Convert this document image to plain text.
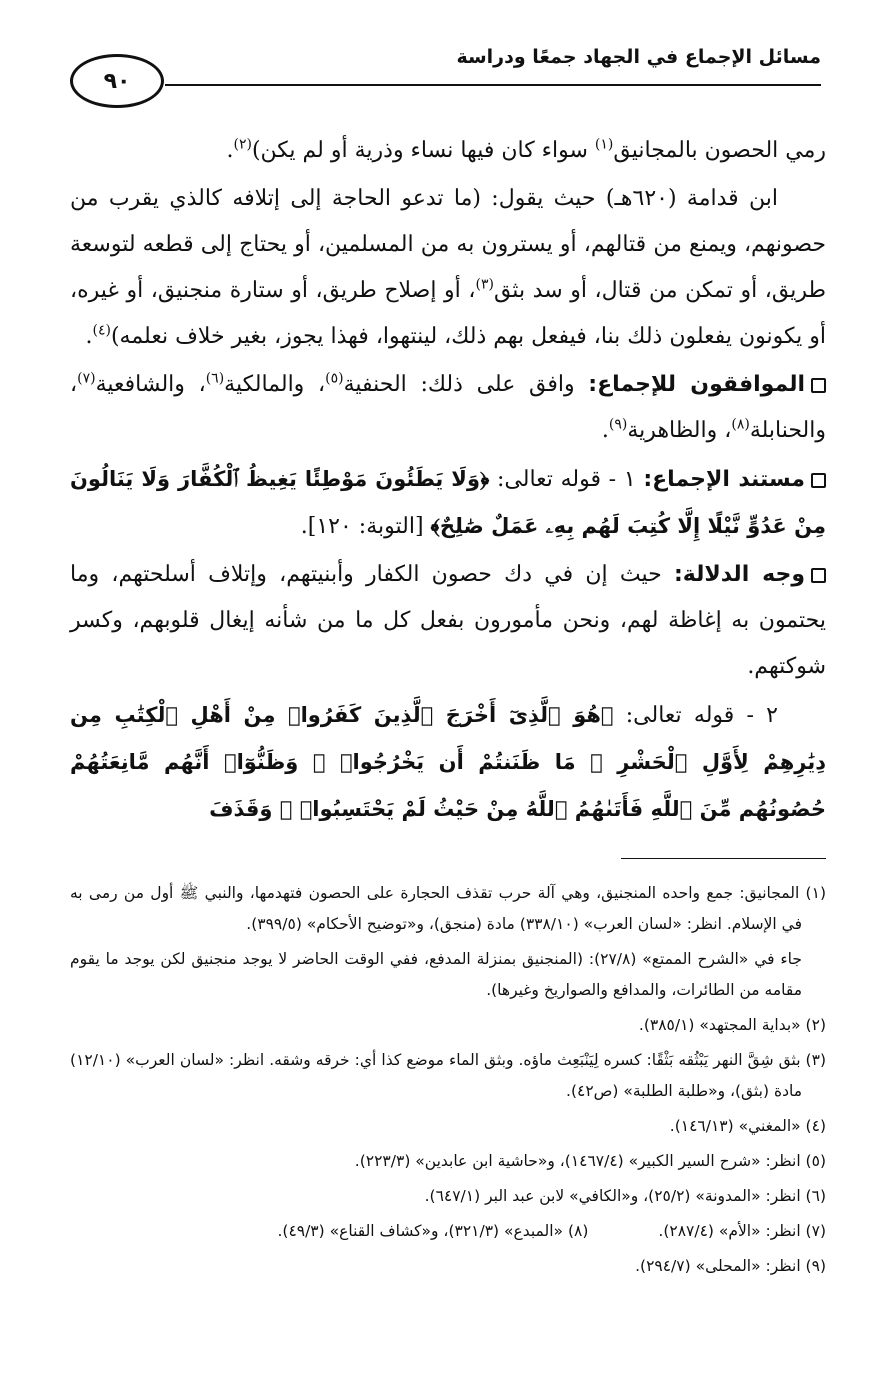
مسائل الإجماع في الجهاد جمعًا ودراسة
٩٠

رمي الحصون بالمجانيق$^{(١)}$ سواء كان فيها نساء وذرية أو لم يكن)$^{(٢)}$.

ابن قدامة (٦٢٠هـ) حيث يقول: (ما تدعو الحاجة إلى إتلافه كالذي يقرب من حصونهم، ويمنع من قتالهم، أو يسترون به من المسلمين، أو يحتاج إلى قطعه لتوسعة طريق، أو تمكن من قتال، أو سد بثق$^{(٣)}$، أو إصلاح طريق، أو ستارة منجنيق، أو غيره، أو يكونون يفعلون ذلك بنا، فيفعل بهم ذلك، لينتهوا، فهذا يجوز، بغير خلاف نعلمه)$^{(٤)}$.

الموافقون للإجماع: وافق على ذلك: الحنفية$^{(٥)}$، والمالكية$^{(٦)}$، والشافعية$^{(٧)}$، والحنابلة$^{(٨)}$، والظاهرية$^{(٩)}$.

مستند الإجماع: ١ - قوله تعالى: ﴿وَلَا يَطَئُونَ مَوْطِئًا يَغِيظُ ٱلْكُفَّارَ وَلَا يَنَالُونَ مِنْ عَدُوٍّ نَّيْلًا إِلَّا كُتِبَ لَهُم بِهِۦ عَمَلٌ صَٰلِحٌ﴾ [التوبة: ١٢٠].

وجه الدلالة: حيث إن في دك حصون الكفار وأبنيتهم، وإتلاف أسلحتهم، وما يحتمون به إغاظة لهم، ونحن مأمورون بفعل كل ما من شأنه إيغال قلوبهم، وكسر شوكتهم.

٢ - قوله تعالى: ﴿هُوَ ٱلَّذِىٓ أَخْرَجَ ٱلَّذِينَ كَفَرُوا۟ مِنْ أَهْلِ ٱلْكِتَٰبِ مِن دِيَٰرِهِمْ لِأَوَّلِ ٱلْحَشْرِ ۚ مَا ظَنَنتُمْ أَن يَخْرُجُوا۟ ۖ وَظَنُّوٓا۟ أَنَّهُم مَّانِعَتُهُمْ حُصُونُهُم مِّنَ ٱللَّهِ فَأَتَىٰهُمُ ٱللَّهُ مِنْ حَيْثُ لَمْ يَحْتَسِبُوا۟ ۖ وَقَذَفَ

(١) المجانيق: جمع واحده المنجنيق، وهي آلة حرب تقذف الحجارة على الحصون فتهدمها، والنبي ﷺ أول من رمى به في الإسلام. انظر: «لسان العرب» (٣٣٨/١٠) مادة (منجق)، و«توضيح الأحكام» (٣٩٩/٥).

جاء في «الشرح الممتع» (٢٧/٨): (المنجنيق بمنزلة المدفع، ففي الوقت الحاضر لا يوجد منجنيق لكن يوجد ما يقوم مقامه من الطائرات، والمدافع والصواريخ وغيرها).

(٢) «بداية المجتهد» (٣٨٥/١).

(٣) بثق شِقَّ النهر يَبْثُقه بَثْقًا: كسره لِيَنْبَعِث ماؤه. وبثق الماء موضع كذا أي: خرقه وشقه. انظر: «لسان العرب» (١٢/١٠) مادة (بثق)، و«طلبة الطلبة» (ص٤٢).

(٤) «المغني» (١٤٦/١٣).

(٥) انظر: «شرح السير الكبير» (١٤٦٧/٤)، و«حاشية ابن عابدين» (٢٢٣/٣).

(٦) انظر: «المدونة» (٢٥/٢)، و«الكافي» لابن عبد البر (٦٤٧/١).

(٧) انظر: «الأم» (٢٨٧/٤).
(٨) «المبدع» (٣٢١/٣)، و«كشاف القناع» (٤٩/٣).

(٩) انظر: «المحلى» (٢٩٤/٧).
